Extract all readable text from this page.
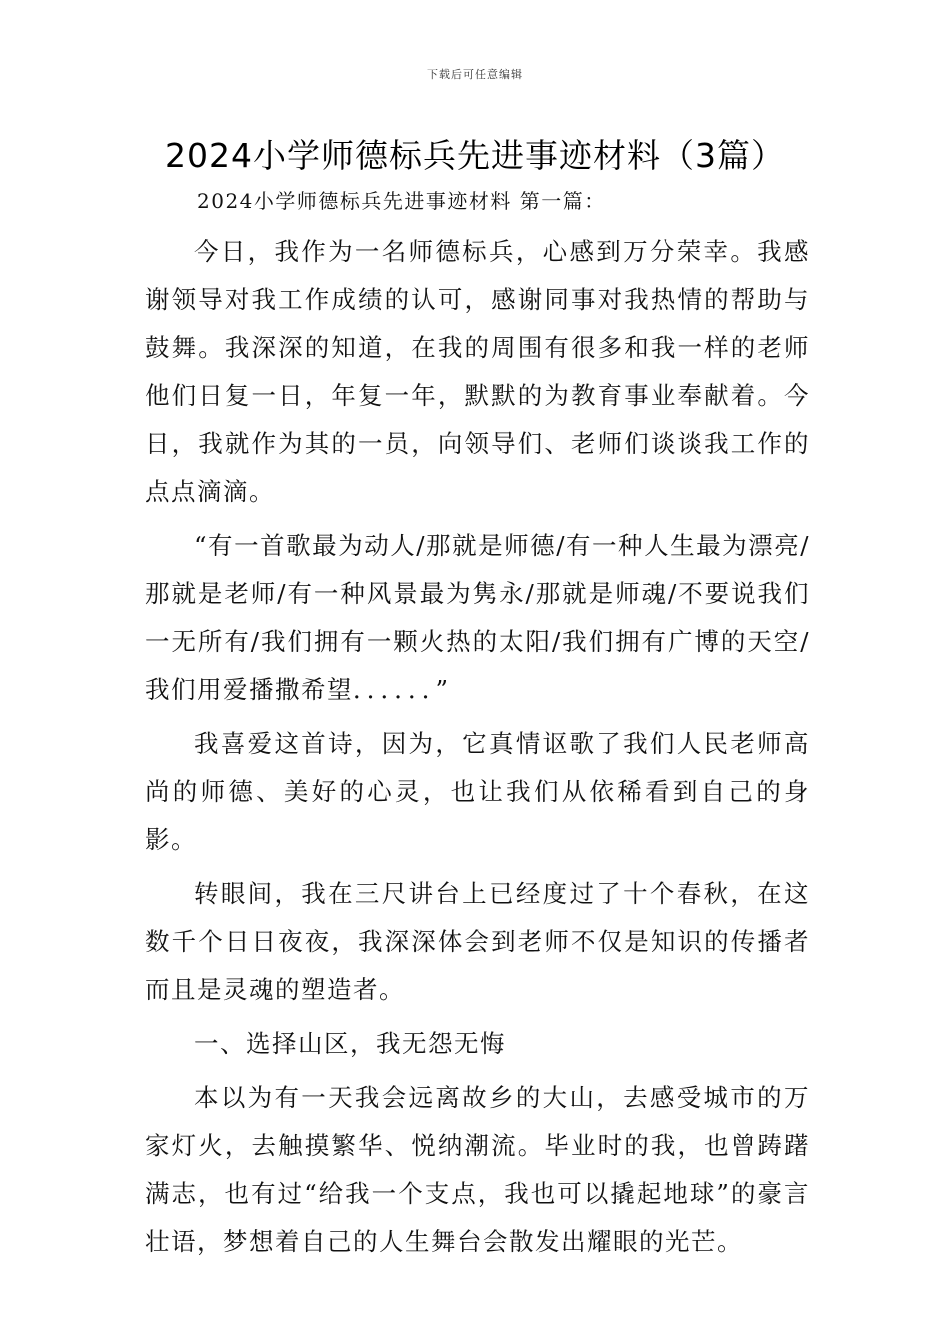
下载后可任意编辑
2024小学师德标兵先进事迹材料（3篇）

2024小学师德标兵先进事迹材料 第一篇：

今日，我作为一名师德标兵，心感到万分荣幸。我感谢领导对我工作成绩的认可，感谢同事对我热情的帮助与鼓舞。我深深的知道，在我的周围有很多和我一样的老师他们日复一日，年复一年，默默的为教育事业奉献着。今日，我就作为其的一员，向领导们、老师们谈谈我工作的点点滴滴。

“有一首歌最为动人/那就是师德/有一种人生最为漂亮/那就是老师/有一种风景最为隽永/那就是师魂/不要说我们一无所有/我们拥有一颗火热的太阳/我们拥有广博的天空/我们用爱播撒希望．．．．．．”

我喜爱这首诗，因为，它真情讴歌了我们人民老师高尚的师德、美好的心灵，也让我们从依稀看到自己的身影。

转眼间，我在三尺讲台上已经度过了十个春秋，在这数千个日日夜夜，我深深体会到老师不仅是知识的传播者而且是灵魂的塑造者。

一、选择山区，我无怨无悔

本以为有一天我会远离故乡的大山，去感受城市的万家灯火，去触摸繁华、悦纳潮流。毕业时的我，也曾踌躇满志，也有过“给我一个支点，我也可以撬起地球”的豪言壮语，梦想着自己的人生舞台会散发出耀眼的光芒。
